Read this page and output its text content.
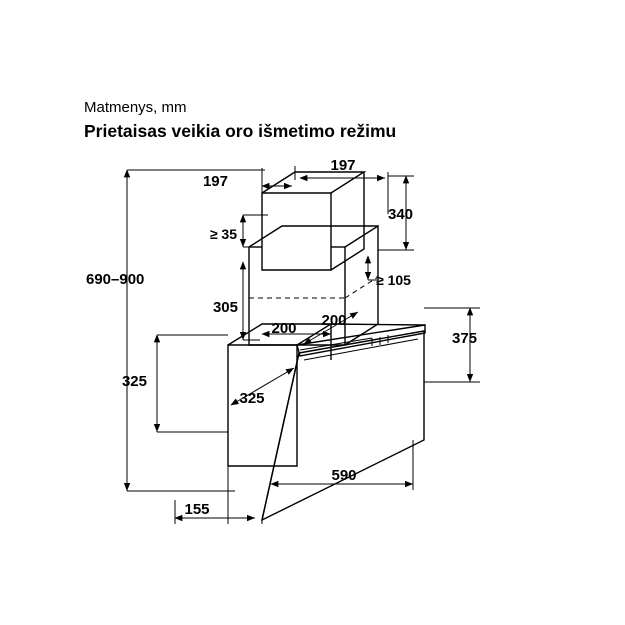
Matmenys, mm
Prietaisas veikia oro išmetimo režimu
690–900
197
197
340
≥ 35
≥ 105
305
200 200
375
325
325
590
155
